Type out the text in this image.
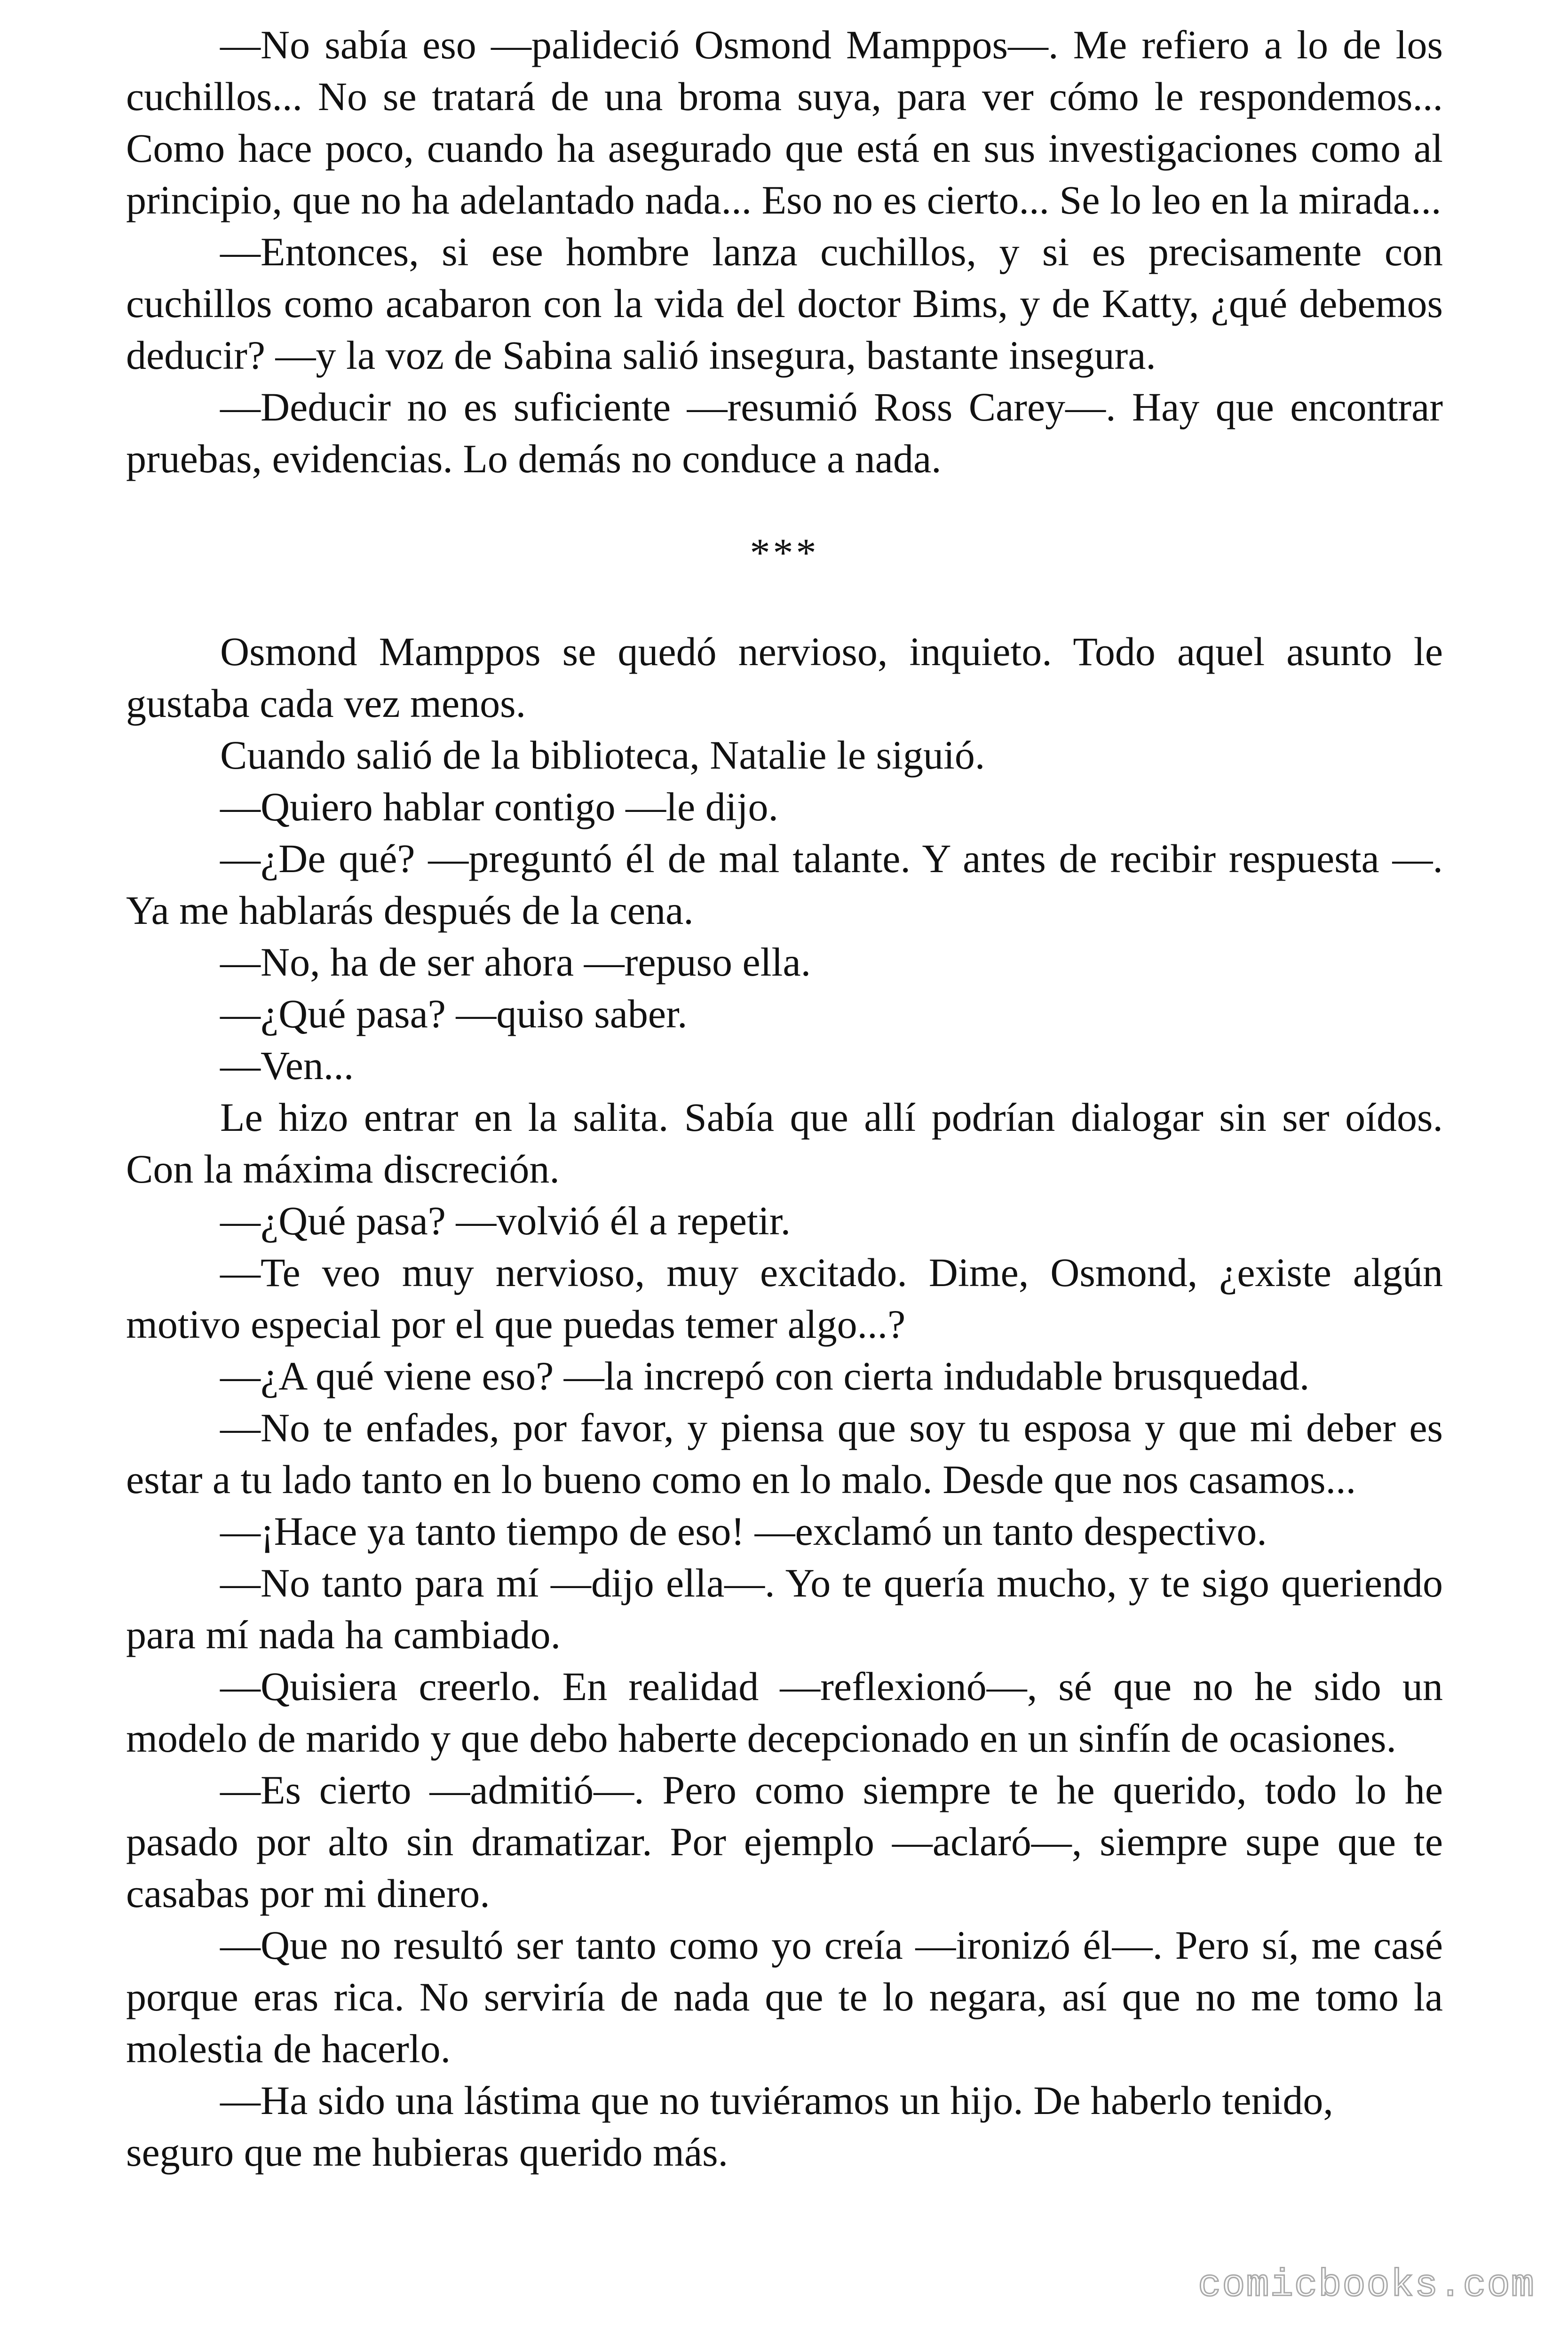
—No sabía eso —palideció Osmond Mamppos—. Me refiero a lo de los cuchillos... No se tratará de una broma suya, para ver cómo le respondemos... Como hace poco, cuando ha asegurado que está en sus investigaciones como al principio, que no ha adelantado nada... Eso no es cierto... Se lo leo en la mirada...

—Entonces, si ese hombre lanza cuchillos, y si es precisamente con cuchillos como acabaron con la vida del doctor Bims, y de Katty, ¿qué debemos deducir? —y la voz de Sabina salió insegura, bastante insegura.

—Deducir no es suficiente —resumió Ross Carey—. Hay que encontrar pruebas, evidencias. Lo demás no conduce a nada.

***

Osmond Mamppos se quedó nervioso, inquieto. Todo aquel asunto le gustaba cada vez menos.

Cuando salió de la biblioteca, Natalie le siguió.

—Quiero hablar contigo —le dijo.

—¿De qué? —preguntó él de mal talante. Y antes de recibir respuesta —. Ya me hablarás después de la cena.

—No, ha de ser ahora —repuso ella.

—¿Qué pasa? —quiso saber.

—Ven...

Le hizo entrar en la salita. Sabía que allí podrían dialogar sin ser oídos. Con la máxima discreción.

—¿Qué pasa? —volvió él a repetir.

—Te veo muy nervioso, muy excitado. Dime, Osmond, ¿existe algún motivo especial por el que puedas temer algo...?

—¿A qué viene eso? —la increpó con cierta indudable brusquedad.

—No te enfades, por favor, y piensa que soy tu esposa y que mi deber es estar a tu lado tanto en lo bueno como en lo malo. Desde que nos casamos...

—¡Hace ya tanto tiempo de eso! —exclamó un tanto despectivo.

—No tanto para mí —dijo ella—. Yo te quería mucho, y te sigo queriendo para mí nada ha cambiado.

—Quisiera creerlo. En realidad —reflexionó—, sé que no he sido un modelo de marido y que debo haberte decepcionado en un sinfín de ocasiones.

—Es cierto —admitió—. Pero como siempre te he querido, todo lo he pasado por alto sin dramatizar. Por ejemplo —aclaró—, siempre supe que te casabas por mi dinero.

—Que no resultó ser tanto como yo creía —ironizó él—. Pero sí, me casé porque eras rica. No serviría de nada que te lo negara, así que no me tomo la molestia de hacerlo.

—Ha sido una lástima que no tuviéramos un hijo. De haberlo tenido, seguro que me hubieras querido más.

comicbooks.com
